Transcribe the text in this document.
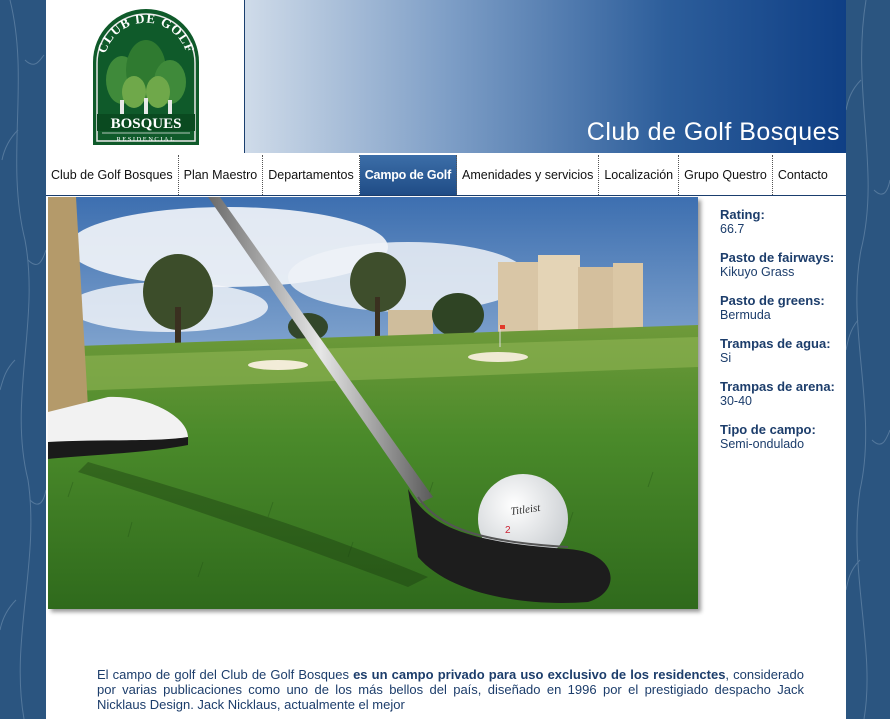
BOSQUES
RESIDENCIAL
CLUB DE GOLF
Club de Golf Bosques
Club de Golf Bosques Plan Maestro Departamentos Campo de Golf Amenidades y servicios Localización Grupo Questro Contacto
Titleist
2
Rating:
66.7
Pasto de fairways:
Kikuyo Grass
Pasto de greens:
Bermuda
Trampas de agua:
Si
Trampas de arena:
30-40
Tipo de campo:
Semi-ondulado
El campo de golf del Club de Golf Bosques es un campo privado para uso exclusivo de los residenctes, considerado por varias publicaciones como uno de los más bellos del país, diseñado en 1996 por el prestigiado despacho Jack Nicklaus Design. Jack Nicklaus, actualmente el mejor
